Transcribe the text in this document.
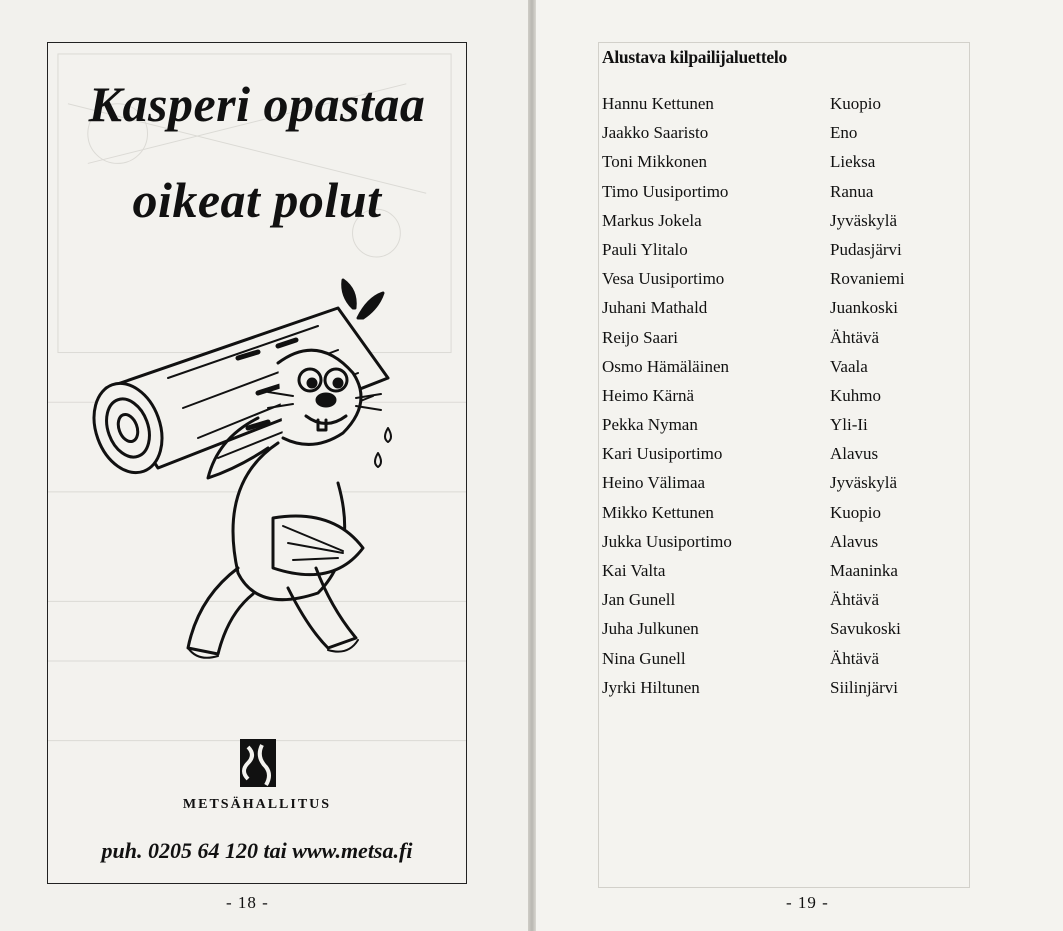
Kasperi opastaa
oikeat polut
METSÄHALLITUS
puh. 0205 64 120 tai www.metsa.fi
- 18 -
Alustava kilpailijaluettelo
Hannu Kettunen	Kuopio
Jaakko Saaristo	Eno
Toni Mikkonen	Lieksa
Timo Uusiportimo	Ranua
Markus Jokela	Jyväskylä
Pauli Ylitalo	Pudasjärvi
Vesa Uusiportimo	Rovaniemi
Juhani Mathald	Juankoski
Reijo Saari	Ähtävä
Osmo Hämäläinen	Vaala
Heimo Kärnä	Kuhmo
Pekka Nyman	Yli-Ii
Kari Uusiportimo	Alavus
Heino Välimaa	Jyväskylä
Mikko Kettunen	Kuopio
Jukka Uusiportimo	Alavus
Kai Valta	Maaninka
Jan Gunell	Ähtävä
Juha Julkunen	Savukoski
Nina Gunell	Ähtävä
Jyrki Hiltunen	Siilinjärvi
- 19 -
